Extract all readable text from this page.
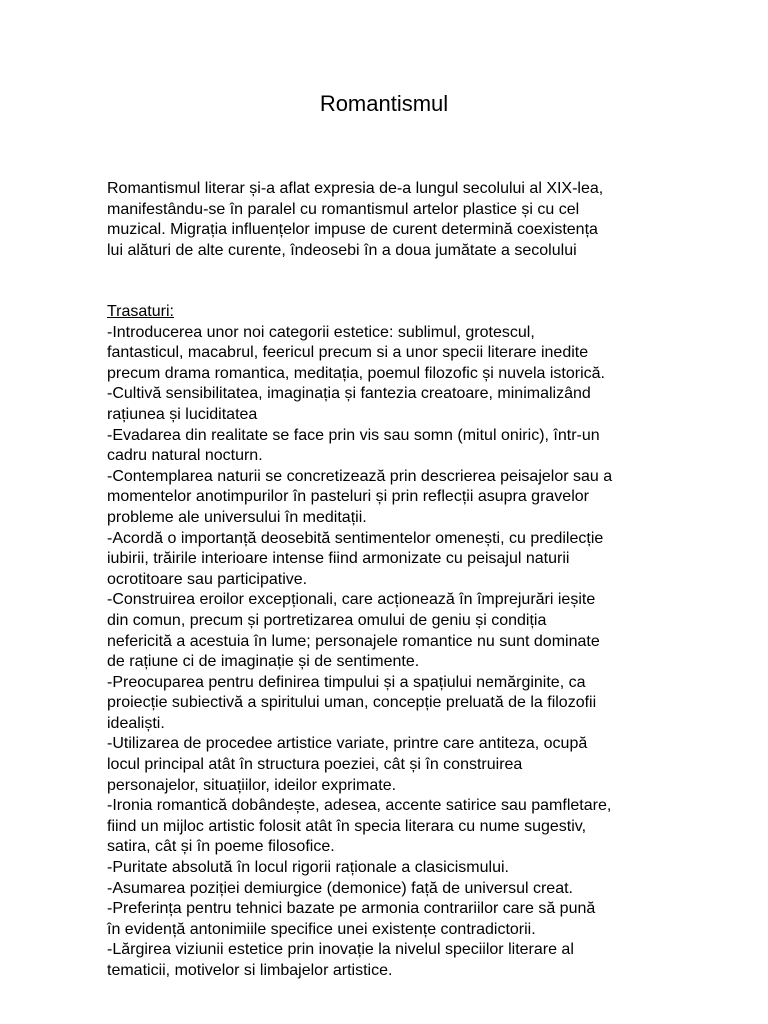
Romantismul
Romantismul literar și-a aflat expresia de-a lungul secolului al XIX-lea,
manifestându-se în paralel cu romantismul artelor plastice și cu cel
muzical. Migrația influențelor impuse de curent determină coexistența
lui alături de alte curente, îndeosebi în a doua jumătate a secolului
Trasaturi:
-Introducerea unor noi categorii estetice: sublimul, grotescul,
fantasticul, macabrul, feericul precum si a unor specii literare inedite
precum drama romantica, meditația, poemul filozofic și nuvela istorică.
-Cultivă sensibilitatea, imaginația și fantezia creatoare, minimalizând
rațiunea și luciditatea
-Evadarea din realitate se face prin vis sau somn (mitul oniric), într-un
cadru natural nocturn.
-Contemplarea naturii se concretizează prin descrierea peisajelor sau a
momentelor anotimpurilor în pasteluri și prin reflecții asupra gravelor
probleme ale universului în meditații.
-Acordă o importanță deosebită sentimentelor omenești, cu predilecție
iubirii, trăirile interioare intense fiind armonizate cu peisajul naturii
ocrotitoare sau participative.
-Construirea eroilor excepționali, care acționează în împrejurări ieșite
din comun, precum și portretizarea omului de geniu și condiția
nefericită a acestuia în lume; personajele romantice nu sunt dominate
de rațiune ci de imaginație și de sentimente.
-Preocuparea pentru definirea timpului și a spațiului nemărginite, ca
proiecție subiectivă a spiritului uman, concepție preluată de la filozofii
idealiști.
-Utilizarea de procedee artistice variate, printre care antiteza, ocupă
locul principal atât în structura poeziei, cât și în construirea
personajelor, situațiilor, ideilor exprimate.
-Ironia romantică dobândește, adesea, accente satirice sau pamfletare,
fiind un mijloc artistic folosit atât în specia literara cu nume sugestiv,
satira, cât și în poeme filosofice.
-Puritate absolută în locul rigorii raționale a clasicismului.
-Asumarea poziției demiurgice (demonice) față de universul creat.
-Preferința pentru tehnici bazate pe armonia contrariilor care să pună
în evidență antonimiile specifice unei existențe contradictorii.
-Lărgirea viziunii estetice prin inovație la nivelul speciilor literare al
tematicii, motivelor si limbajelor artistice.
